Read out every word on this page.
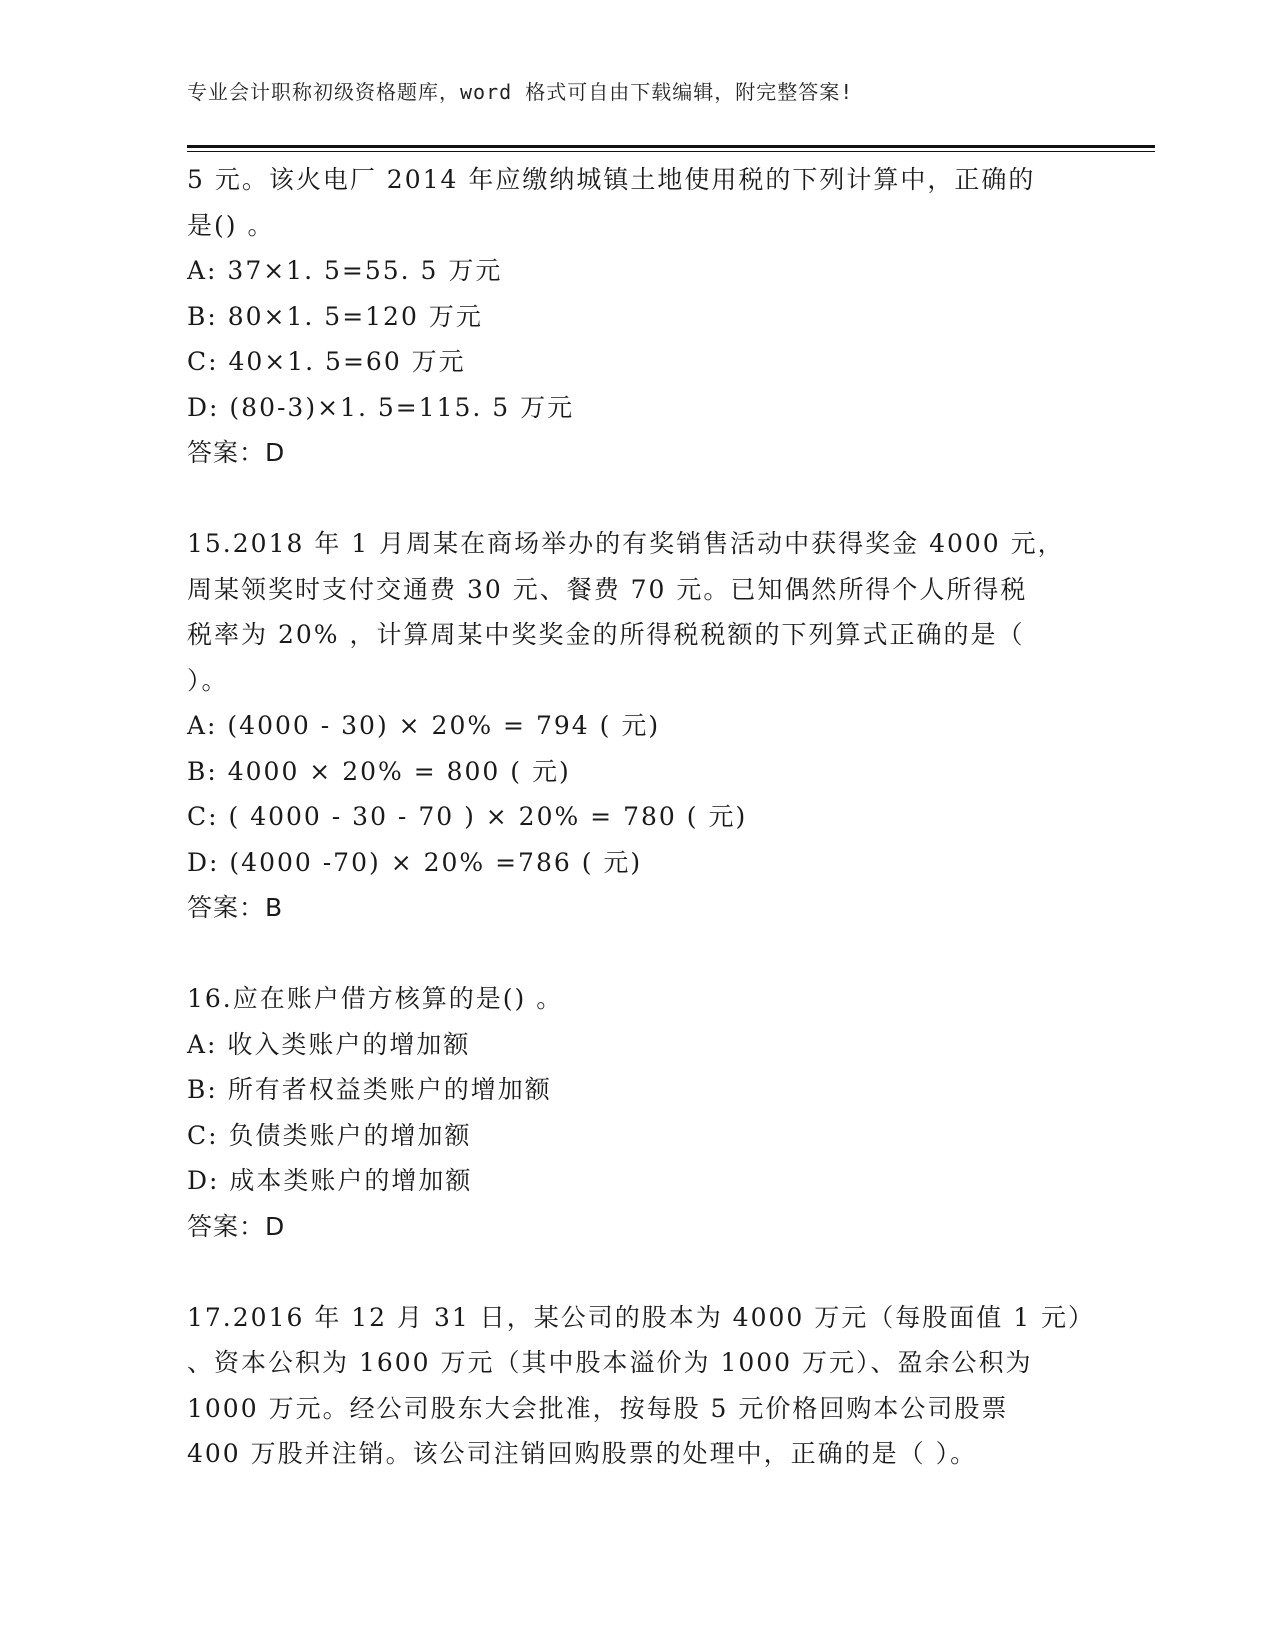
专业会计职称初级资格题库，word 格式可自由下载编辑，附完整答案!
5 元。该火电厂 2014 年应缴纳城镇土地使用税的下列计算中，正确的
是() 。
A: 37×1. 5=55. 5 万元
B: 80×1. 5=120 万元
C: 40×1. 5=60 万元
D: (80-3)×1. 5=115. 5 万元
答案：D
15.2018 年 1 月周某在商场举办的有奖销售活动中获得奖金 4000 元，
周某领奖时支付交通费 30 元、餐费 70 元。已知偶然所得个人所得税
税率为 20% ，计算周某中奖奖金的所得税税额的下列算式正确的是（
）。
A: (4000 - 30) × 20% = 794 ( 元)
B: 4000 × 20% = 800 ( 元)
C: ( 4000 - 30 - 70 ) × 20% = 780 ( 元)
D: (4000 -70) × 20% =786 ( 元)
答案：B
16.应在账户借方核算的是() 。
A: 收入类账户的增加额
B: 所有者权益类账户的增加额
C: 负债类账户的增加额
D: 成本类账户的增加额
答案：D
17.2016 年 12 月 31 日，某公司的股本为 4000 万元（每股面值 1 元）
、资本公积为 1600 万元（其中股本溢价为 1000 万元）、盈余公积为
1000 万元。经公司股东大会批准，按每股 5 元价格回购本公司股票
400 万股并注销。该公司注销回购股票的处理中，正确的是（ ）。
